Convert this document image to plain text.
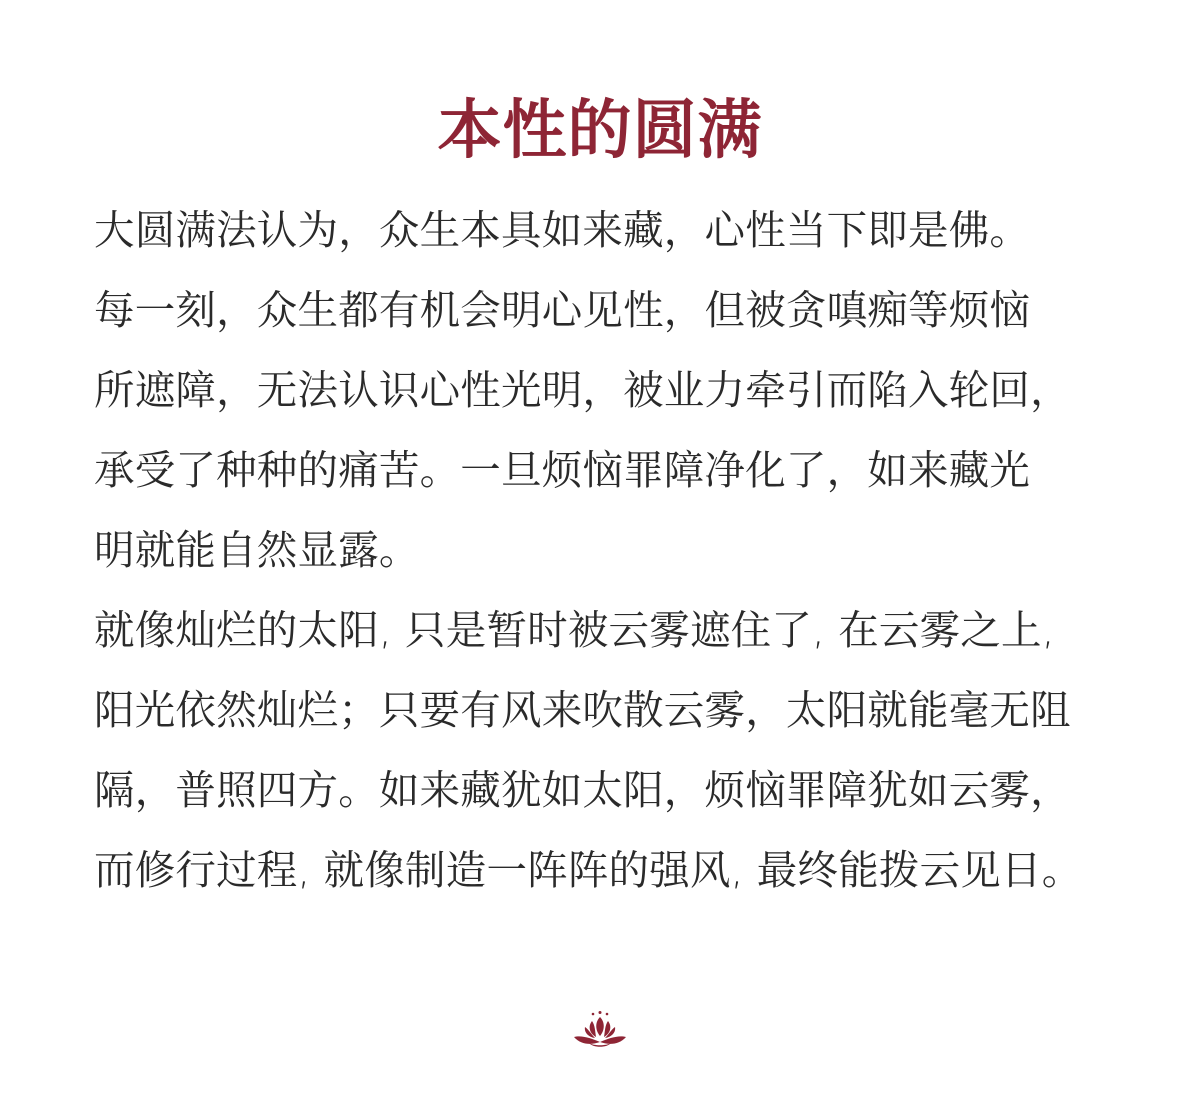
本性的圆满
大圆满法认为，众生本具如来藏，心性当下即是佛。
每一刻，众生都有机会明心见性，但被贪嗔痴等烦恼
所遮障，无法认识心性光明，被业力牵引而陷入轮回，
承受了种种的痛苦。一旦烦恼罪障净化了，如来藏光
明就能自然显露。
就像灿烂的太阳, 只是暂时被云雾遮住了, 在云雾之上,
阳光依然灿烂；只要有风来吹散云雾，太阳就能毫无阻
隔，普照四方。如来藏犹如太阳，烦恼罪障犹如云雾，
而修行过程, 就像制造一阵阵的强风, 最终能拨云见日。
